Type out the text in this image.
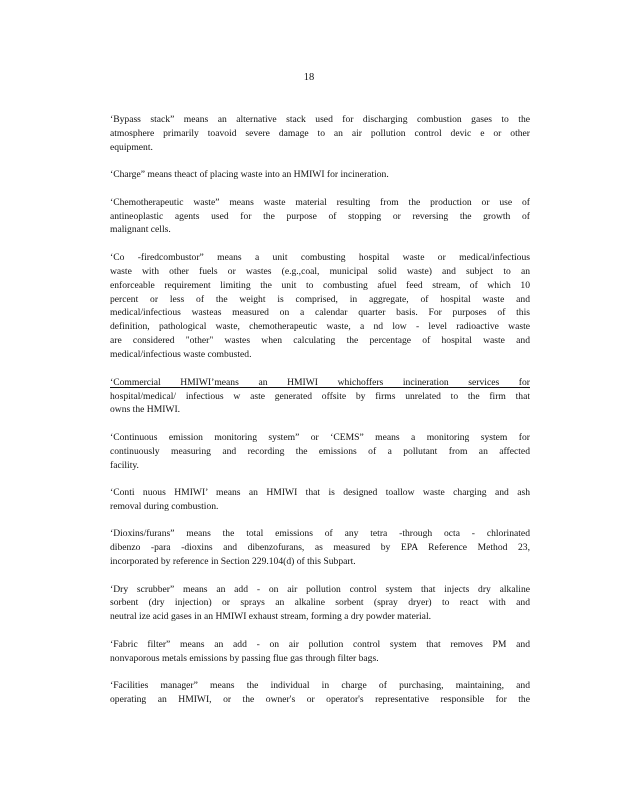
18
‘Bypass stack” means an alternative stack used for discharging combustion gases to the
atmosphere primarily toavoid severe damage to an air pollution control devic e or other
equipment.
‘Charge” means theact of placing waste into an HMIWI for incineration.
‘Chemotherapeutic waste” means waste material resulting from the production or use of
antineoplastic agents used for the purpose of stopping or reversing the growth of
malignant cells.
‘Co -firedcombustor” means a unit combusting hospital waste or medical/infectious
waste with other fuels or wastes (e.g.,coal, municipal solid waste) and subject to an
enforceable requirement limiting the unit to combusting afuel feed stream, of which 10
percent or less of the weight is comprised, in aggregate, of hospital waste and
medical/infectious wasteas measured on a calendar quarter basis. For purposes of this
definition, pathological waste, chemotherapeutic waste, a nd low - level radioactive waste
are considered "other" wastes when calculating the percentage of hospital waste and
medical/infectious waste combusted.
‘Commercial HMIWI’means an HMIWI whichoffers incineration services for
hospital/medical/ infectious w aste generated offsite by firms unrelated to the firm that
owns the HMIWI.
‘Continuous emission monitoring system” or ‘CEMS” means a monitoring system for
continuously measuring and recording the emissions of a pollutant from an affected
facility.
‘Conti nuous HMIWI’ means an HMIWI that is designed toallow waste charging and ash
removal during combustion.
‘Dioxins/furans” means the total emissions of any tetra -through octa - chlorinated
dibenzo -para -dioxins and dibenzofurans, as measured by EPA Reference Method 23,
incorporated by reference in Section 229.104(d) of this Subpart.
‘Dry scrubber” means an add - on air pollution control system that injects dry alkaline
sorbent (dry injection) or sprays an alkaline sorbent (spray dryer) to react with and
neutral ize acid gases in an HMIWI exhaust stream, forming a dry powder material.
‘Fabric filter” means an add - on air pollution control system that removes PM and
nonvaporous metals emissions by passing flue gas through filter bags.
‘Facilities manager” means the individual in charge of purchasing, maintaining, and
operating an HMIWI, or the owner's or operator's representative responsible for the
